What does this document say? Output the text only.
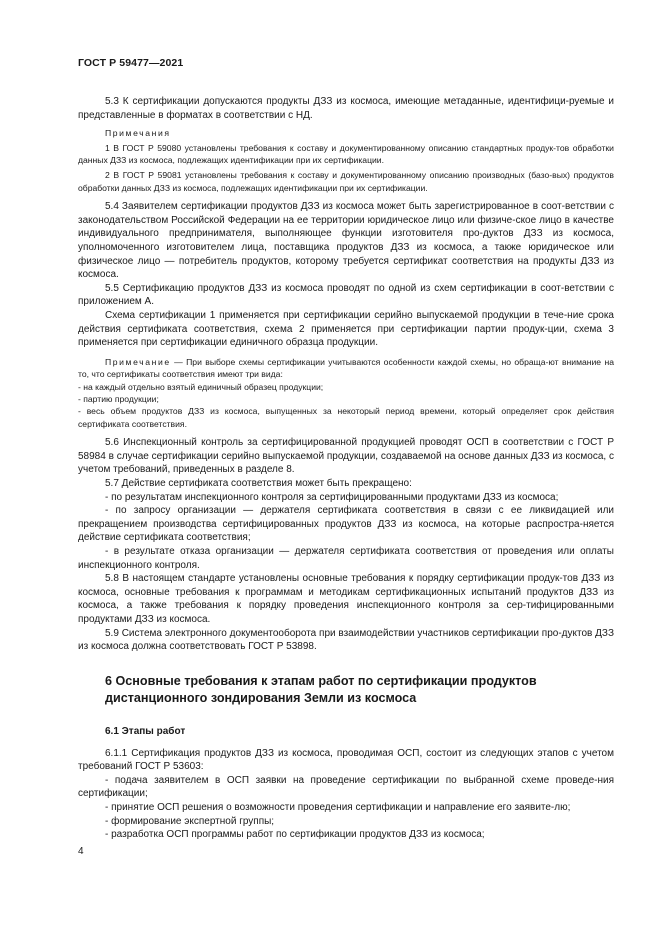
ГОСТ Р 59477—2021

5.3 К сертификации допускаются продукты ДЗЗ из космоса, имеющие метаданные, идентифици-руемые и представленные в форматах в соответствии с НД.

Примечания

1 В ГОСТ Р 59080 установлены требования к составу и документированному описанию стандартных продук-тов обработки данных ДЗЗ из космоса, подлежащих идентификации при их сертификации.

2 В ГОСТ Р 59081 установлены требования к составу и документированному описанию производных (базо-вых) продуктов обработки данных ДЗЗ из космоса, подлежащих идентификации при их сертификации.

5.4 Заявителем сертификации продуктов ДЗЗ из космоса может быть зарегистрированное в соот-ветствии с законодательством Российской Федерации на ее территории юридическое лицо или физиче-ское лицо в качестве индивидуального предпринимателя, выполняющее функции изготовителя про-дуктов ДЗЗ из космоса, уполномоченного изготовителем лица, поставщика продуктов ДЗЗ из космоса, а также юридическое или физическое лицо — потребитель продуктов, которому требуется сертификат соответствия на продукты ДЗЗ из космоса.

5.5 Сертификацию продуктов ДЗЗ из космоса проводят по одной из схем сертификации в соот-ветствии с приложением А.

Схема сертификации 1 применяется при сертификации серийно выпускаемой продукции в тече-ние срока действия сертификата соответствия, схема 2 применяется при сертификации партии продук-ции, схема 3 применяется при сертификации единичного образца продукции.

Примечание — При выборе схемы сертификации учитываются особенности каждой схемы, но обраща-ют внимание на то, что сертификаты соответствия имеют три вида:

- на каждый отдельно взятый единичный образец продукции;

- партию продукции;

- весь объем продуктов ДЗЗ из космоса, выпущенных за некоторый период времени, который определяет срок действия сертификата соответствия.

5.6 Инспекционный контроль за сертифицированной продукцией проводят ОСП в соответствии с ГОСТ Р 58984 в случае сертификации серийно выпускаемой продукции, создаваемой на основе данных ДЗЗ из космоса, с учетом требований, приведенных в разделе 8.

5.7 Действие сертификата соответствия может быть прекращено:

- по результатам инспекционного контроля за сертифицированными продуктами ДЗЗ из космоса;

- по запросу организации — держателя сертификата соответствия в связи с ее ликвидацией или прекращением производства сертифицированных продуктов ДЗЗ из космоса, на которые распростра-няется действие сертификата соответствия;

- в результате отказа организации — держателя сертификата соответствия от проведения или оплаты инспекционного контроля.

5.8 В настоящем стандарте установлены основные требования к порядку сертификации продук-тов ДЗЗ из космоса, основные требования к программам и методикам сертификационных испытаний продуктов ДЗЗ из космоса, а также требования к порядку проведения инспекционного контроля за сер-тифицированными продуктами ДЗЗ из космоса.

5.9 Система электронного документооборота при взаимодействии участников сертификации про-дуктов ДЗЗ из космоса должна соответствовать ГОСТ Р 53898.

6 Основные требования к этапам работ по сертификации продуктов дистанционного зондирования Земли из космоса
6.1 Этапы работ

6.1.1 Сертификация продуктов ДЗЗ из космоса, проводимая ОСП, состоит из следующих этапов с учетом требований ГОСТ Р 53603:

- подача заявителем в ОСП заявки на проведение сертификации по выбранной схеме проведе-ния сертификации;

- принятие ОСП решения о возможности проведения сертификации и направление его заявите-лю;

- формирование экспертной группы;

- разработка ОСП программы работ по сертификации продуктов ДЗЗ из космоса;

4
